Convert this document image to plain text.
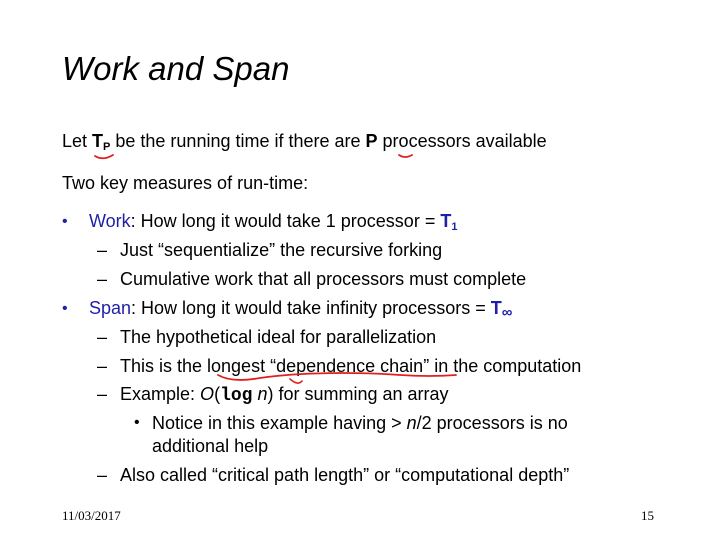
Work and Span
Let $T_P$ be the running time if there are P processors available
Two key measures of run-time:
• Work: How long it would take 1 processor = $T_1$
– Just “sequentialize” the recursive forking
– Cumulative work that all processors must complete
• Span: How long it would take infinity processors = $T_\infty$
– The hypothetical ideal for parallelization
– This is the longest “dependence chain” in the computation
– Example: O(log n) for summing an array
• Notice in this example having > n/2 processors is no
additional help
– Also called “critical path length” or “computational depth”
11/03/2017	15
